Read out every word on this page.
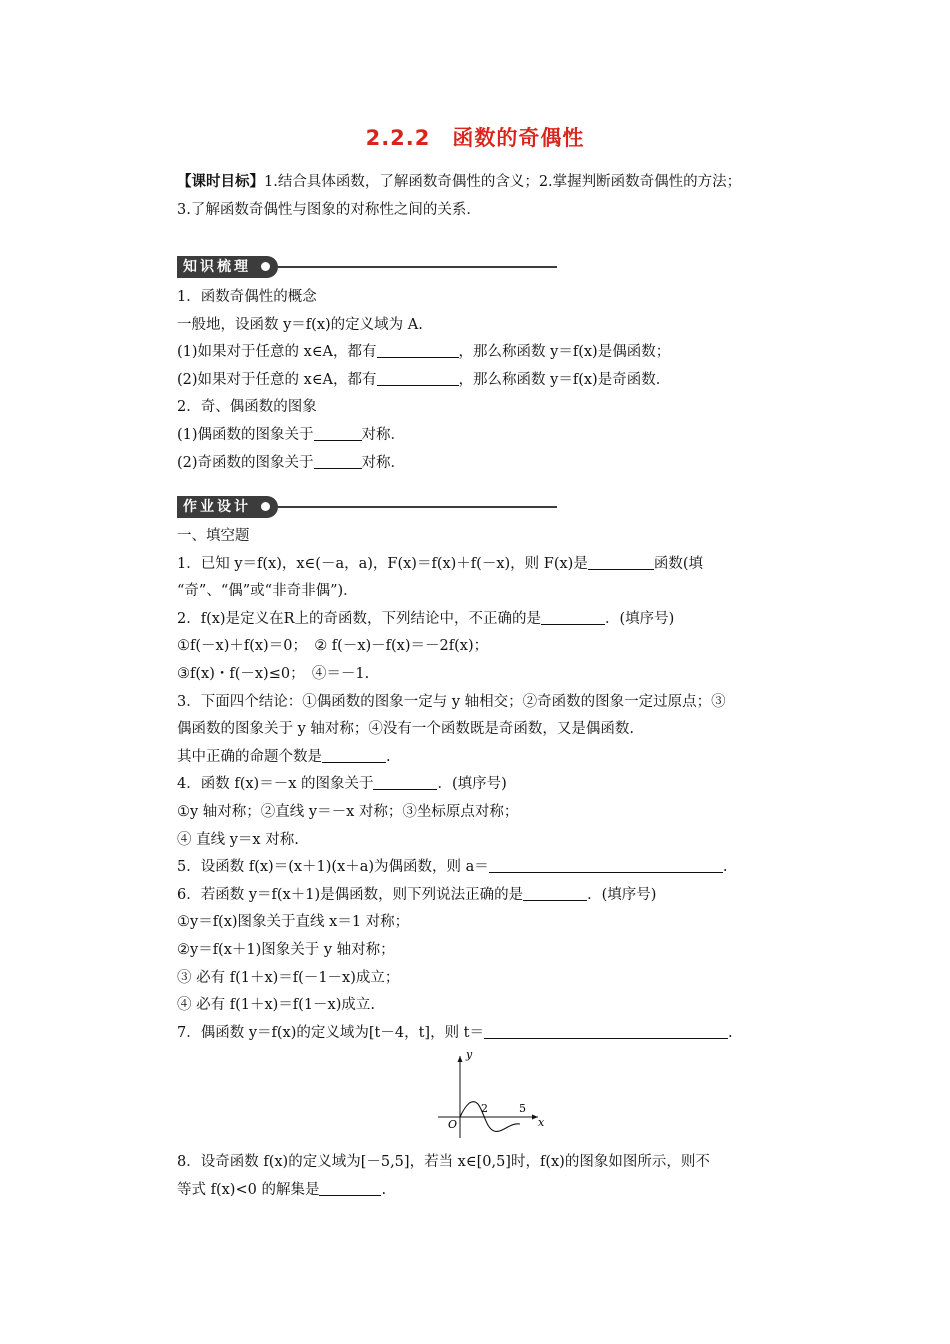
2.2.2　函数的奇偶性
【课时目标】1.结合具体函数，了解函数奇偶性的含义；2.掌握判断函数奇偶性的方法；
3.了解函数奇偶性与图象的对称性之间的关系．
知识梳理
1．函数奇偶性的概念
一般地，设函数 y＝f(x)的定义域为 A.
(1)如果对于任意的 x∈A，都有	，那么称函数 y＝f(x)是偶函数；
(2)如果对于任意的 x∈A，都有	，那么称函数 y＝f(x)是奇函数．
2．奇、偶函数的图象
(1)偶函数的图象关于	对称．
(2)奇函数的图象关于	对称．
作业设计
一、填空题
1．已知 y＝f(x)，x∈(－a，a)，F(x)＝f(x)＋f(－x)，则 F(x)是	函数(填
“奇”、“偶”或“非奇非偶”)．
2．f(x)是定义在R上的奇函数，下列结论中，不正确的是	．(填序号)
①f(－x)＋f(x)＝0；　② f(－x)－f(x)＝－2f(x)；
③f(x)・f(－x)≤0；　④＝－1.
3．下面四个结论：①偶函数的图象一定与 y 轴相交；②奇函数的图象一定过原点；③
偶函数的图象关于 y 轴对称；④没有一个函数既是奇函数，又是偶函数.
其中正确的命题个数是	.
4．函数 f(x)＝－x 的图象关于	．(填序号)
①y 轴对称；②直线 y＝－x 对称；③坐标原点对称；
④ 直线 y＝x 对称.
5．设函数 f(x)＝(x＋1)(x＋a)为偶函数，则 a＝	.
6．若函数 y＝f(x＋1)是偶函数，则下列说法正确的是	．(填序号)
①y＝f(x)图象关于直线 x＝1 对称；
②y＝f(x＋1)图象关于 y 轴对称；
③ 必有 f(1＋x)＝f(－1－x)成立；
④ 必有 f(1＋x)＝f(1－x)成立.
7．偶函数 y＝f(x)的定义域为[t－4，t]，则 t＝	.
y
x
O
2	5
8．设奇函数 f(x)的定义域为[－5,5]，若当 x∈[0,5]时，f(x)的图象如图所示，则不
等式 f(x)<0 的解集是	.
